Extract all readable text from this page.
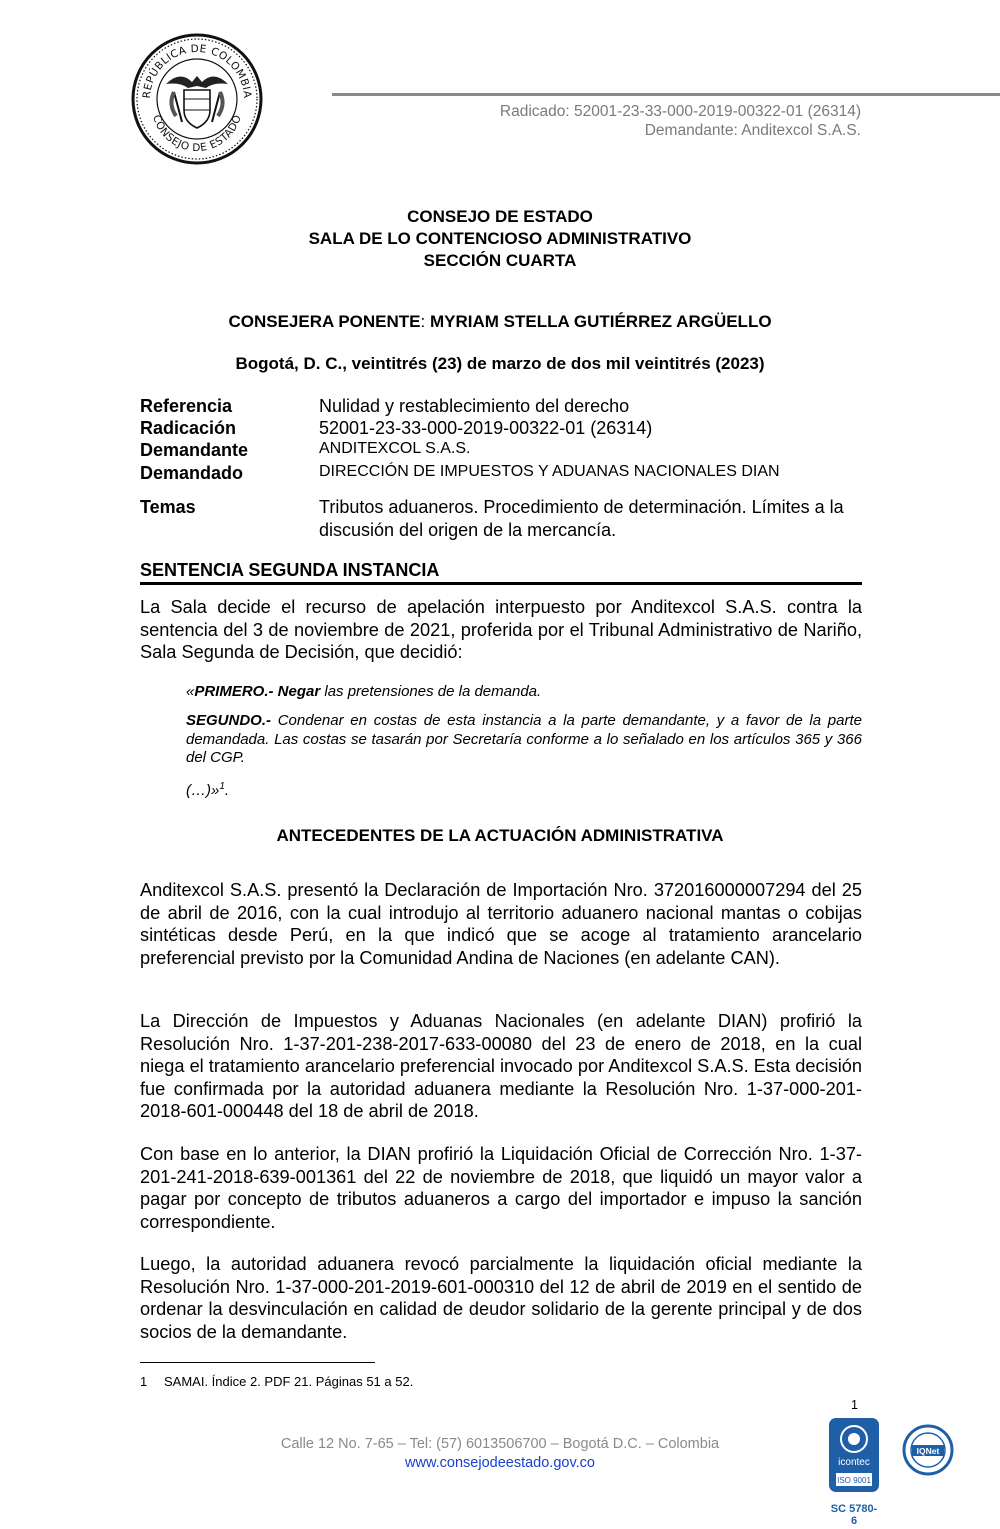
REPÚBLICA DE COLOMBIA
CONSEJO DE ESTADO	Radicado: 52001-23-33-000-2019-00322-01 (26314)
Demandante: Anditexcol S.A.S.
CONSEJO DE ESTADO
SALA DE LO CONTENCIOSO ADMINISTRATIVO
SECCIÓN CUARTA
CONSEJERA PONENTE: MYRIAM STELLA GUTIÉRREZ ARGÜELLO
Bogotá, D. C., veintitrés (23) de marzo de dos mil veintitrés (2023)
Referencia	Nulidad y restablecimiento del derecho
Radicación	52001-23-33-000-2019-00322-01 (26314)
Demandante	ANDITEXCOL S.A.S.
Demandado	DIRECCIÓN DE IMPUESTOS Y ADUANAS NACIONALES DIAN
Temas	Tributos aduaneros. Procedimiento de determinación. Límites a la discusión del origen de la mercancía.
SENTENCIA SEGUNDA INSTANCIA
La Sala decide el recurso de apelación interpuesto por Anditexcol S.A.S. contra la sentencia del 3 de noviembre de 2021, proferida por el Tribunal Administrativo de Nariño, Sala Segunda de Decisión, que decidió:
«PRIMERO.- Negar las pretensiones de la demanda.
SEGUNDO.- Condenar en costas de esta instancia a la parte demandante, y a favor de la parte demandada. Las costas se tasarán por Secretaría conforme a lo señalado en los artículos 365 y 366 del CGP.
(…)»$^1$.
ANTECEDENTES DE LA ACTUACIÓN ADMINISTRATIVA
Anditexcol S.A.S. presentó la Declaración de Importación Nro. 372016000007294 del 25 de abril de 2016, con la cual introdujo al territorio aduanero nacional mantas o cobijas sintéticas desde Perú, en la que indicó que se acoge al tratamiento arancelario preferencial previsto por la Comunidad Andina de Naciones (en adelante CAN).
La Dirección de Impuestos y Aduanas Nacionales (en adelante DIAN) profirió la Resolución Nro. 1-37-201-238-2017-633-00080 del 23 de enero de 2018, en la cual niega el tratamiento arancelario preferencial invocado por Anditexcol S.A.S. Esta decisión fue confirmada por la autoridad aduanera mediante la Resolución Nro. 1-37-000-201-2018-601-000448 del 18 de abril de 2018.
Con base en lo anterior, la DIAN profirió la Liquidación Oficial de Corrección Nro. 1-37-201-241-2018-639-001361 del 22 de noviembre de 2018, que liquidó un mayor valor a pagar por concepto de tributos aduaneros a cargo del importador e impuso la sanción correspondiente.
Luego, la autoridad aduanera revocó parcialmente la liquidación oficial mediante la Resolución Nro. 1-37-000-201-2019-601-000310 del 12 de abril de 2019 en el sentido de ordenar la desvinculación en calidad de deudor solidario de la gerente principal y de dos socios de la demandante.
1 SAMAI. Índice 2. PDF 21. Páginas 51 a 52.
1
Calle 12 No. 7-65 – Tel: (57) 6013506700 – Bogotá D.C. – Colombia
www.consejodeestado.gov.co	icontec
ISO 9001
SC 5780-6
IQNet
